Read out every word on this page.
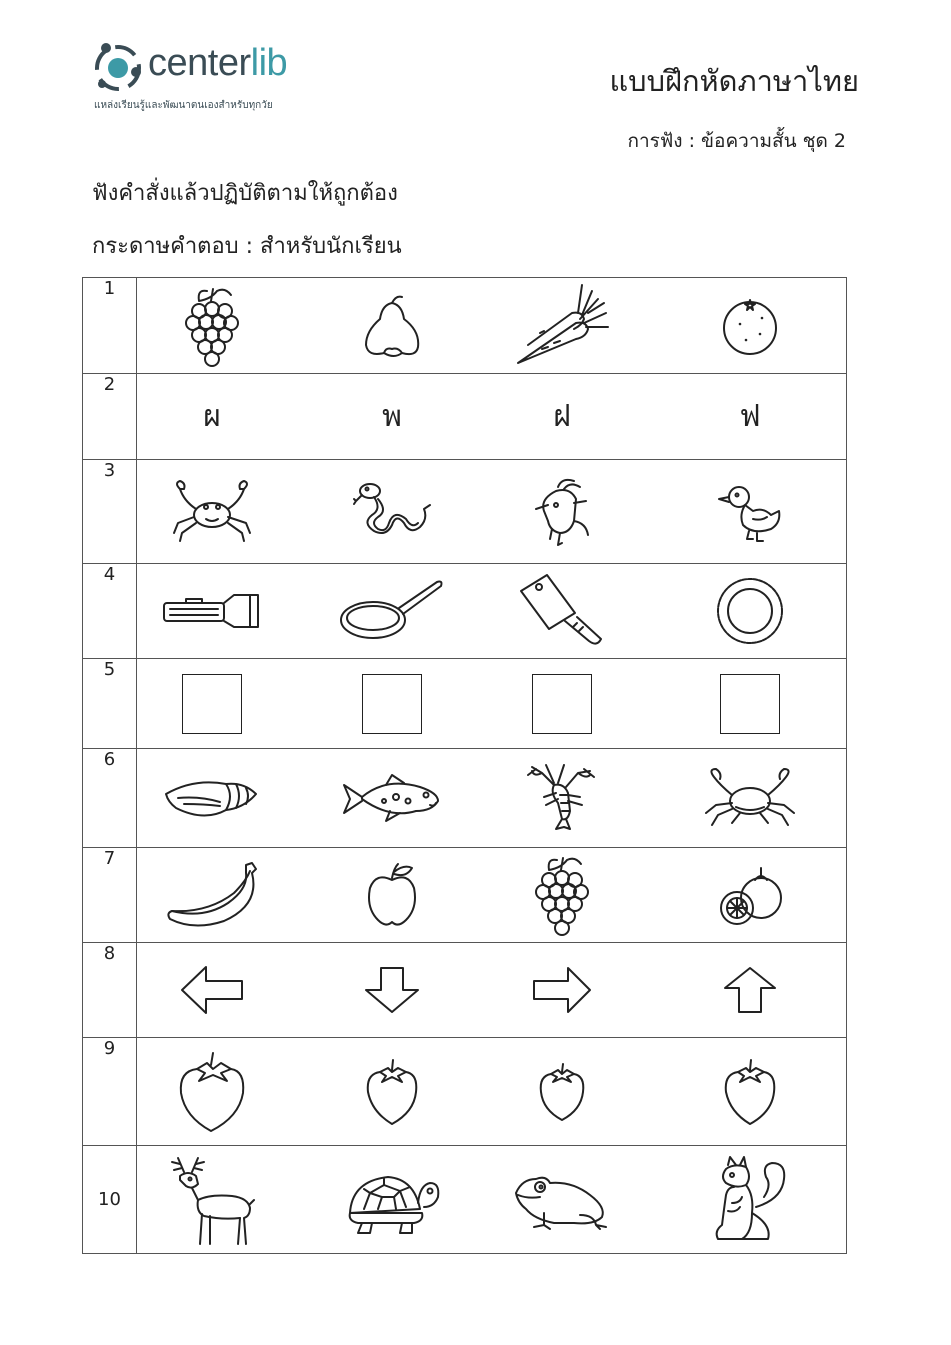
centerlib
แหล่งเรียนรู้และพัฒนาตนเองสำหรับทุกวัย
แบบฝึกหัดภาษาไทย
การฟัง : ข้อความสั้น ชุด 2
ฟังคำสั่งแล้วปฏิบัติตามให้ถูกต้อง
กระดาษคำตอบ : สำหรับนักเรียน
1	

2	ผ พ ฝ ฟ

3	

4	

5	

6	

7	

8	

9	

10	
